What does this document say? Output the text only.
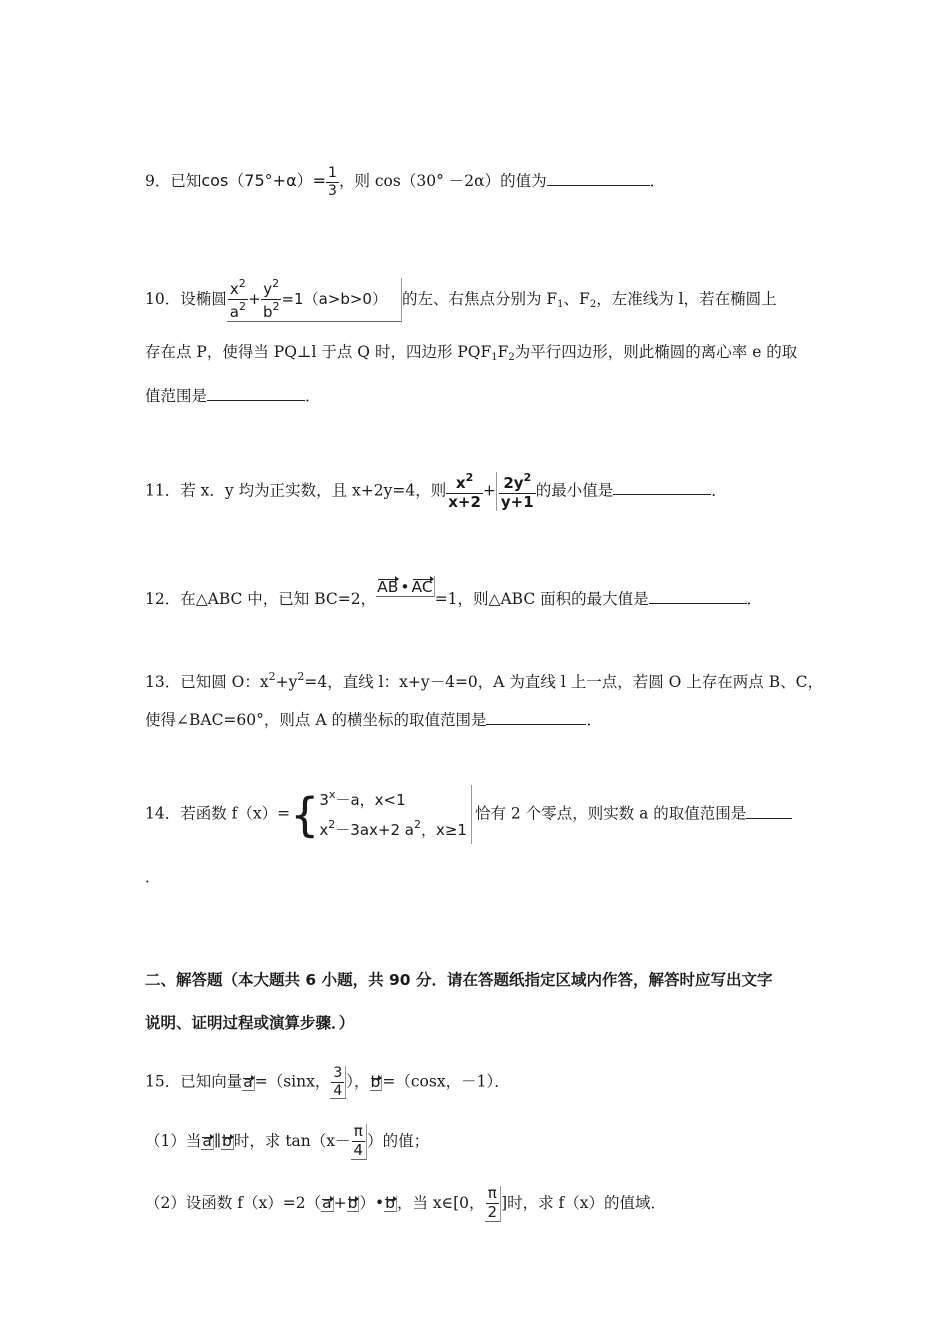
9．已知$\cos(75^\circ+\alpha)= \frac{1}{3}$ ，则 cos（30° －2α）的值为	．
10．设椭圆 $\frac{x^2}{a^2} + \frac{y^2}{b^2} =1(a>b>0)$ 的左、右焦点分别为 $F_1$、$F_2$，左准线为 l，若在椭圆上
存在点 P，使得当 PQ⊥l 于点 Q 时，四边形 $PQF_1F_2$为平行四边形，则此椭圆的离心率 e 的取
值范围是	．
11．若 x．y 均为正实数，且 x+2y=4，则 $\frac{x^2}{x+2} + \frac{2y^2}{y+1}$ 的最小值是	．
12．在△ABC 中，已知 BC=2，AB • AC=1，则△ABC 面积的最大值是	．
13．已知圆 O：$x^2+y^2=4$，直线 l：x+y－4=0，A 为直线 l 上一点，若圆 O 上存在两点 B、C，
使得∠BAC=60°，则点 A 的横坐标的取值范围是	．
14．若函数 $f(x)=\{3^x-a$，x<1
$x^2-3ax+2$ $a^2$，x≥1恰有 2 个零点，则实数 a 的取值范围是
．
二、解答题（本大题共 6 小题，共 90 分．请在答题纸指定区域内作答，解答时应写出文字
说明、证明过程或演算步骤．）
15．已知向量a =（sinx， $\frac{3}{4}$ ），b =（cosx，－1）．
（1）当a ∥b 时，求 $\tan(x- \frac{\pi}{4}$ ）的值；
（2）设函数 f（x）=2（a +b ）•b ，当 x∈[0， $\frac{\pi}{2}$ ]时，求 f（x）的值域．
